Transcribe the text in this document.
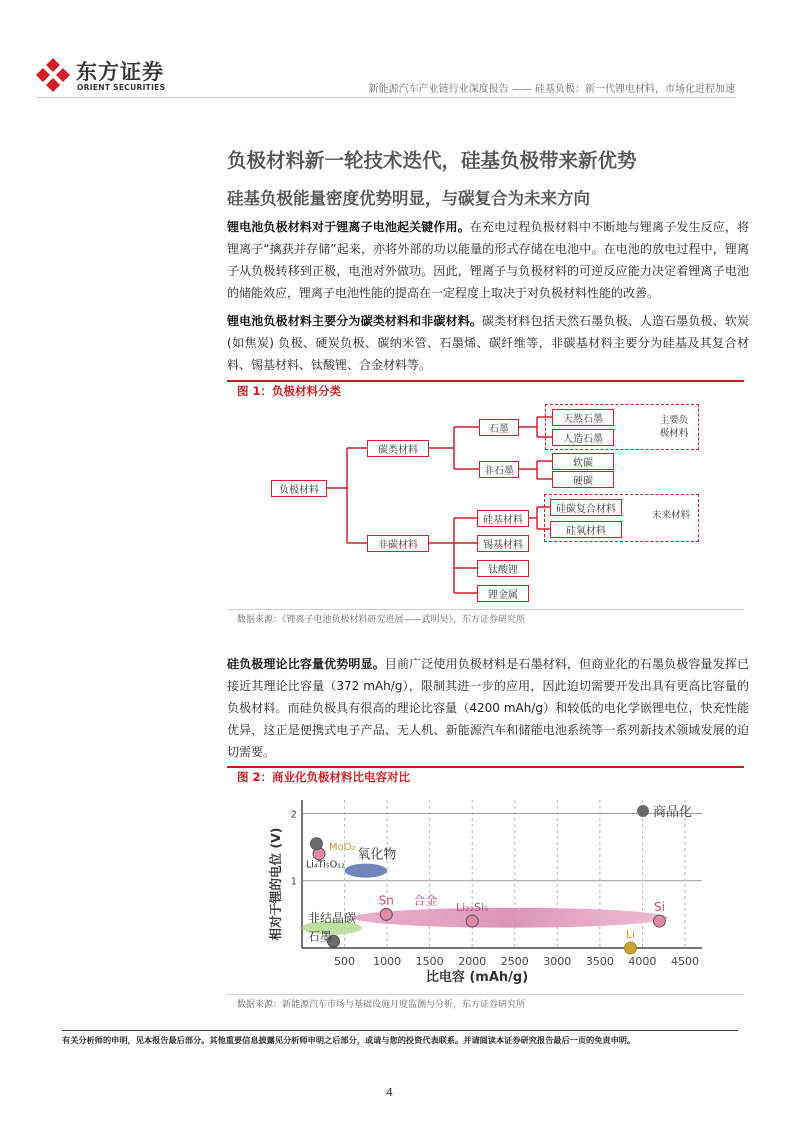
东方证券
ORIENT SECURITIES	新能源汽车产业链行业深度报告 —— 硅基负极：新一代锂电材料，市场化进程加速
负极材料新一轮技术迭代，硅基负极带来新优势
硅基负极能量密度优势明显，与碳复合为未来方向
锂电池负极材料对于锂离子电池起关键作用。在充电过程负极材料中不断地与锂离子发生反应，将锂离子“擒获并存储”起来，亦将外部的功以能量的形式存储在电池中。在电池的放电过程中，锂离子从负极转移到正极，电池对外做功。因此，锂离子与负极材料的可逆反应能力决定着锂离子电池的储能效应，锂离子电池性能的提高在一定程度上取决于对负极材料性能的改善。
锂电池负极材料主要分为碳类材料和非碳材料。碳类材料包括天然石墨负极、人造石墨负极、软炭 (如焦炭) 负极、硬炭负极、碳纳米管、石墨烯、碳纤维等，非碳基材料主要分为硅基及其复合材料、锡基材料、钛酸锂、合金材料等。
图 1：负极材料分类
负极材料
碳类材料
非碳材料
石墨
非石墨
天然石墨
人造石墨
软碳
硬碳
硅基材料
锡基材料
钛酸锂
锂金属
硅碳复合材料
硅氧材料
主要负
极材料
未来材料
数据来源：《锂离子电池负极材料研究进展——武明昊》，东方证券研究所
硅负极理论比容量优势明显。目前广泛使用负极材料是石墨材料，但商业化的石墨负极容量发挥已接近其理论比容量（372 mAh/g），限制其进一步的应用，因此迫切需要开发出具有更高比容量的负极材料。而硅负极具有很高的理论比容量（4200 mAh/g）和较低的电化学嵌锂电位，快充性能优异，这正是便携式电子产品、无人机、新能源汽车和储能电池系统等一系列新技术领域发展的迫切需要。
图 2：商业化负极材料比电容对比
1
2
500 1000 1500 2000 2500 3000 3500 4000 4500
比电容 (mAh/g)
相对于锂的电位 (V)
商品化
MoO₂
Li₄Ti₅O₁₂
氧化物
非结晶碳
石墨
Sn 合金
Li₂₂Si₅	Si
Li
数据来源：新能源汽车市场与基础设施月度监测与分析，东方证券研究所
有关分析师的申明，见本报告最后部分。其他重要信息披露见分析师申明之后部分，或请与您的投资代表联系。并请阅读本证券研究报告最后一页的免责申明。
4
